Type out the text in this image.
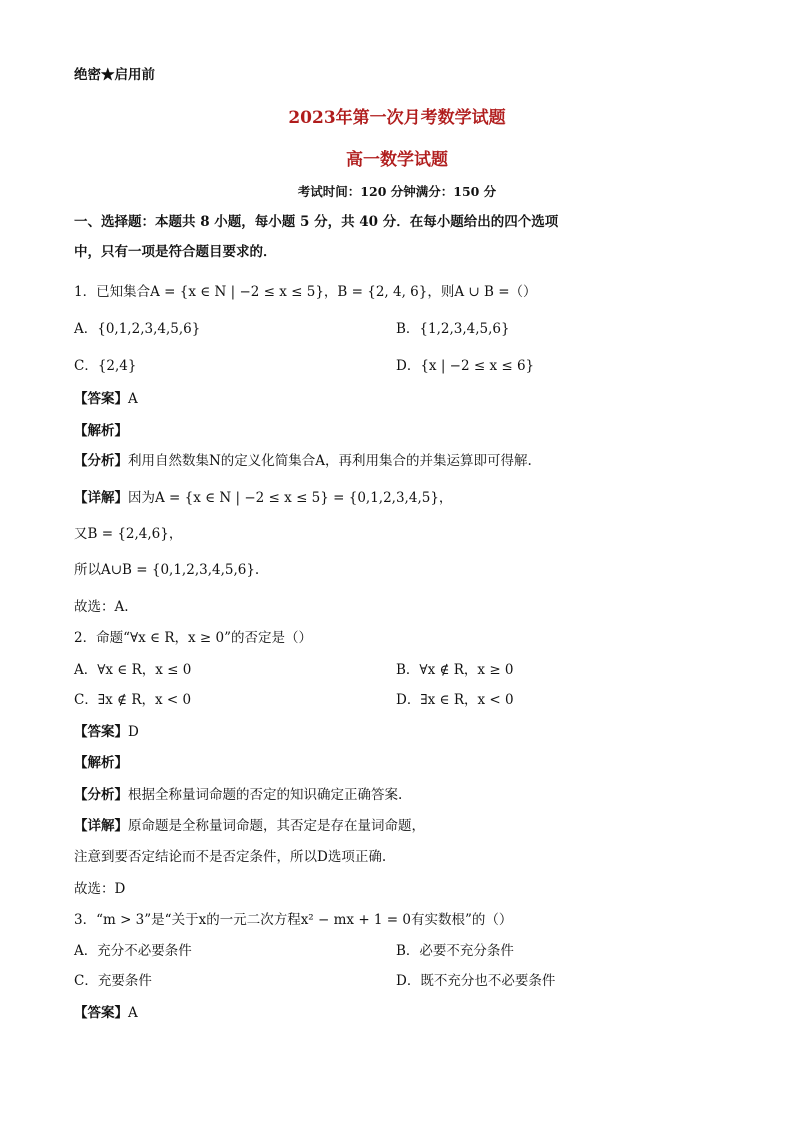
绝密★启用前
2023年第一次月考数学试题
高一数学试题
考试时间：120 分钟满分：150 分
一、选择题：本题共 8 小题，每小题 5 分，共 40 分．在每小题给出的四个选项
中，只有一项是符合题目要求的．
1．已知集合A = {x ∈ N | −2 ≤ x ≤ 5}，B = {2, 4, 6}，则A ∪ B =（）
A．{0,1,2,3,4,5,6}	B．{1,2,3,4,5,6}
C．{2,4}	D．{x | −2 ≤ x ≤ 6}
【答案】A
【解析】
【分析】利用自然数集N的定义化简集合A，再利用集合的并集运算即可得解.
【详解】因为A = {x ∈ N | −2 ≤ x ≤ 5} = {0,1,2,3,4,5}，
又B = {2,4,6}，
所以A∪B = {0,1,2,3,4,5,6}.
故选：A.
2．命题“∀x ∈ R，x ≥ 0”的否定是（）
A．∀x ∈ R，x ≤ 0	B．∀x ∉ R，x ≥ 0
C．∃x ∉ R，x < 0	D．∃x ∈ R，x < 0
【答案】D
【解析】
【分析】根据全称量词命题的否定的知识确定正确答案.
【详解】原命题是全称量词命题，其否定是存在量词命题，
注意到要否定结论而不是否定条件，所以D选项正确.
故选：D
3．“m > 3”是“关于x的一元二次方程x² − mx + 1 = 0有实数根”的（）
A．充分不必要条件	B．必要不充分条件
C．充要条件	D．既不充分也不必要条件
【答案】A
